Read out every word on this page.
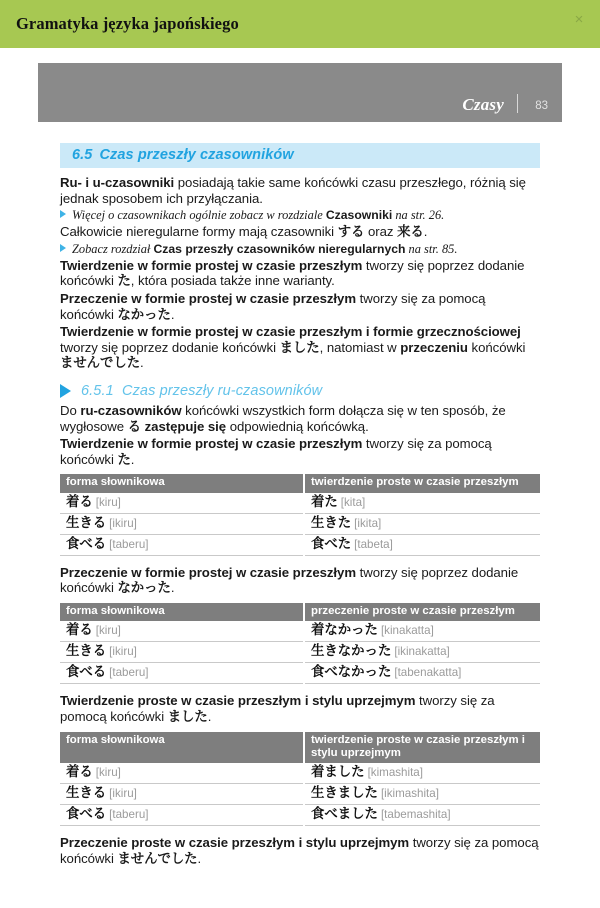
Gramatyka języka japońskiego	×
Czasy	83
6.5 Czas przeszły czasowników

Ru- i u-czasowniki posiadają takie same końcówki czasu przeszłego, różnią się jednak sposobem ich przyłączania.

Więcej o czasownikach ogólnie zobacz w rozdziale Czasowniki na str. 26.

Całkowicie nieregularne formy mają czasowniki する oraz 来る.

Zobacz rozdział Czas przeszły czasowników nieregularnych na str. 85.

Twierdzenie w formie prostej w czasie przeszłym tworzy się poprzez dodanie końcówki た, która posiada także inne warianty.

Przeczenie w formie prostej w czasie przeszłym tworzy się za pomocą końcówki なかった.

Twierdzenie w formie prostej w czasie przeszłym i formie grzecznościowej tworzy się poprzez dodanie końcówki ました, natomiast w przeczeniu końcówki ませんでした.

6.5.1 Czas przeszły ru-czasowników

Do ru-czasowników końcówki wszystkich form dołącza się w ten sposób, że wygłosowe る zastępuje się odpowiednią końcówką.

Twierdzenie w formie prostej w czasie przeszłym tworzy się za pomocą końcówki た.

forma słownikowa	twierdzenie proste w czasie przeszłym
着る [kiru]	着た [kita]
生きる [ikiru]	生きた [ikita]
食べる [taberu]	食べた [tabeta]

Przeczenie w formie prostej w czasie przeszłym tworzy się poprzez dodanie końcówki なかった.

forma słownikowa	przeczenie proste w czasie przeszłym
着る [kiru]	着なかった [kinakatta]
生きる [ikiru]	生きなかった [ikinakatta]
食べる [taberu]	食べなかった [tabenakatta]

Twierdzenie proste w czasie przeszłym i stylu uprzejmym tworzy się za pomocą końcówki ました.

forma słownikowa	twierdzenie proste w czasie przeszłym i stylu uprzejmym
着る [kiru]	着ました [kimashita]
生きる [ikiru]	生きました [ikimashita]
食べる [taberu]	食べました [tabemashita]

Przeczenie proste w czasie przeszłym i stylu uprzejmym tworzy się za pomocą końcówki ませんでした.
